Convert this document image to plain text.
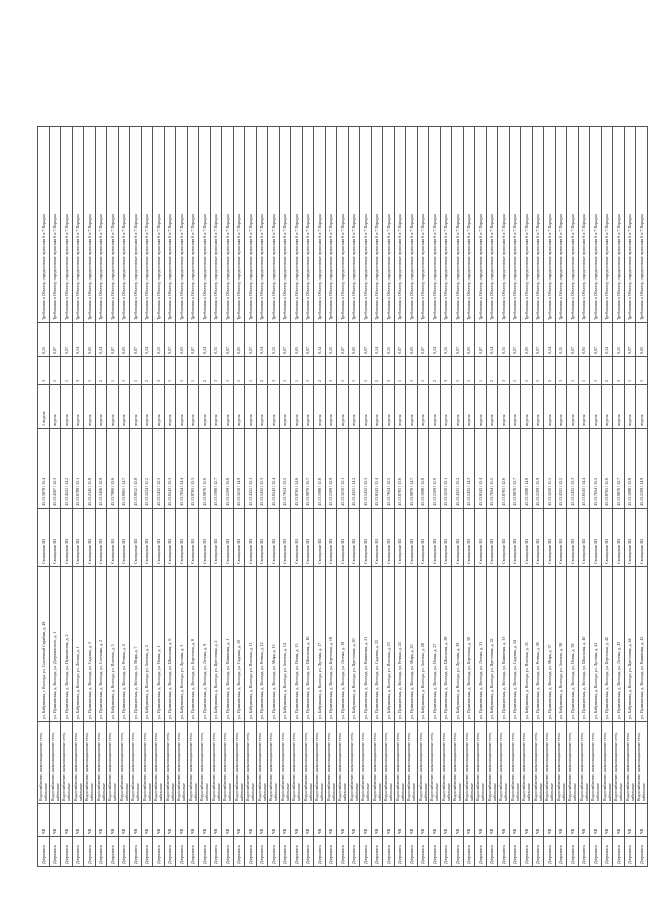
Дзержинск	ЧВ	Водоснабжение, канализационные сети, кабельные	ул. Бабушкина, г. Вологда, ул. Солнечный Сарабаш, д. 49	Свинцовые ВЗ	43.13.5678 / 13.4	1 неделя	3	0,15	Требования к Объекту, определенные пунктами 6 и 7 Порядка
Дзержинск	ЧВ	Водоснабжение, канализационные сети, кабельные	ул. Пушкинская, д. Вологда, ул. Дзержинского, д. 1	Свинцовые ВЗ	43.13.4567 / 12.3	неделя	1	0,07	Требования к Объекту, определенные пунктами 6 и 7 Порядка
Дзержинск	ЧВ	Водоснабжение, канализационные сети, кабельные	ул. Пушкинская, д. Вологда, ул. Пушкинская, д. 2	Свинцовые ВЗ	43.13.4521 / 14.2	неделя	1	0,07	Требования к Объекту, определенные пунктами 6 и 7 Порядка
Дзержинск	ЧВ	Водоснабжение, канализационные сети, кабельные	ул. Бабушкина, д. Вологда, ул. Лесная, д. 1	Свинцовые ВЗ	43.13.6789 / 15.1	неделя	3	0,14	Требования к Объекту, определенные пунктами 6 и 7 Порядка
Дзержинск	ЧВ	Водоснабжение, канализационные сети, кабельные	ул. Пушкинская, д. Вологда, ул. Садовая, д. 3	Свинцовые ВЗ	43.13.2345 / 11.8	неделя	1	0,05	Требования к Объекту, определенные пунктами 6 и 7 Порядка
Дзержинск	ЧВ	Водоснабжение, канализационные сети, кабельные	ул. Пушкинская, д. Вологда, ул. Сосновая, д. 2	Свинцовые ВЗ	43.13.3456 / 12.9	неделя	2	0,14	Требования к Объекту, определенные пунктами 6 и 7 Порядка
Дзержинск	ЧВ	Водоснабжение, канализационные сети, кабельные	ул. Бабушкина, д. Вологда, ул. Полевая, д. 5	Свинцовые ВЗ	43.13.7890 / 13.6	неделя	1	0,07	Требования к Объекту, определенные пунктами 6 и 7 Порядка
Дзержинск	ЧВ	Водоснабжение, канализационные сети, кабельные	ул. Пушкинская, д. Вологда, ул. Речная, д. 4	Свинцовые ВЗ	43.13.8901 / 14.7	неделя	1	0,05	Требования к Объекту, определенные пунктами 6 и 7 Порядка
Дзержинск	ЧВ	Водоснабжение, канализационные сети, кабельные	ул. Пушкинская, д. Вологда, ул. Мира, д. 7	Свинцовые ВЗ	43.13.9012 / 15.8	неделя	1	0,07	Требования к Объекту, определенные пунктами 6 и 7 Порядка
Дзержинск	ЧВ	Водоснабжение, канализационные сети, кабельные	ул. Бабушкина, д. Вологда, ул. Зеленая, д. 2	Свинцовые ВЗ	43.13.1234 / 11.2	неделя	2	0,14	Требования к Объекту, определенные пунктами 6 и 7 Порядка
Дзержинск	ЧВ	Водоснабжение, канализационные сети, кабельные	ул. Пушкинская, д. Вологда, ул. Новая, д. 1	Свинцовые ВЗ	43.13.5432 / 12.5	неделя	3	0,15	Требования к Объекту, определенные пунктами 6 и 7 Порядка
Дзержинск	ЧВ	Водоснабжение, канализационные сети, кабельные	ул. Пушкинская, д. Вологда, ул. Школьная, д. 6	Свинцовые ВЗ	43.13.6543 / 13.3	неделя	1	0,07	Требования к Объекту, определенные пунктами 6 и 7 Порядка
Дзержинск	ЧВ	Водоснабжение, канализационные сети, кабельные	ул. Бабушкина, д. Вологда, ул. Луговая, д. 3	Свинцовые ВЗ	43.13.7654 / 14.4	неделя	1	0,05	Требования к Объекту, определенные пунктами 6 и 7 Порядка
Дзержинск	ЧВ	Водоснабжение, канализационные сети, кабельные	ул. Пушкинская, д. Вологда, ул. Береговая, д. 8	Свинцовые ВЗ	43.13.8765 / 15.5	неделя	1	0,07	Требования к Объекту, определенные пунктами 6 и 7 Порядка
Дзержинск	ЧВ	Водоснабжение, канализационные сети, кабельные	ул. Пушкинская, д. Вологда, ул. Лесная, д. 9	Свинцовые ВЗ	43.13.9876 / 11.6	неделя	2	0,14	Требования к Объекту, определенные пунктами 6 и 7 Порядка
Дзержинск	ЧВ	Водоснабжение, канализационные сети, кабельные	ул. Бабушкина, д. Вологда, ул. Цветочная, д. 2	Свинцовые ВЗ	43.13.1098 / 12.7	неделя	3	0,15	Требования к Объекту, определенные пунктами 6 и 7 Порядка
Дзержинск	ЧВ	Водоснабжение, канализационные сети, кабельные	ул. Пушкинская, д. Вологда, ул. Вишневая, д. 1	Свинцовые ВЗ	43.13.2109 / 13.8	неделя	1	0,07	Требования к Объекту, определенные пунктами 6 и 7 Порядка
Дзержинск	ЧВ	Водоснабжение, канализационные сети, кабельные	ул. Пушкинская, д. Вологда, ул. Садовая, д. 10	Свинцовые ВЗ	43.13.3210 / 14.9	неделя	1	0,05	Требования к Объекту, определенные пунктами 6 и 7 Порядка
Дзержинск	ЧВ	Водоснабжение, канализационные сети, кабельные	ул. Бабушкина, д. Вологда, ул. Полевая, д. 11	Свинцовые ВЗ	43.13.4321 / 15.1	неделя	1	0,07	Требования к Объекту, определенные пунктами 6 и 7 Порядка
Дзержинск	ЧВ	Водоснабжение, канализационные сети, кабельные	ул. Пушкинская, д. Вологда, ул. Речная, д. 12	Свинцовые ВЗ	43.13.5432 / 11.3	неделя	2	0,14	Требования к Объекту, определенные пунктами 6 и 7 Порядка
Дзержинск	ЧВ	Водоснабжение, канализационные сети, кабельные	ул. Пушкинская, д. Вологда, ул. Мира, д. 13	Свинцовые ВЗ	43.13.6543 / 12.4	неделя	3	0,15	Требования к Объекту, определенные пунктами 6 и 7 Порядка
Дзержинск	ЧВ	Водоснабжение, канализационные сети, кабельные	ул. Бабушкина, д. Вологда, ул. Зеленая, д. 14	Свинцовые ВЗ	43.13.7654 / 13.5	неделя	1	0,07	Требования к Объекту, определенные пунктами 6 и 7 Порядка
Дзержинск	ЧВ	Водоснабжение, канализационные сети, кабельные	ул. Пушкинская, д. Вологда, ул. Новая, д. 15	Свинцовые ВЗ	43.13.8765 / 14.6	неделя	1	0,05	Требования к Объекту, определенные пунктами 6 и 7 Порядка
Дзержинск	ЧВ	Водоснабжение, канализационные сети, кабельные	ул. Пушкинская, д. Вологда, ул. Школьная, д. 16	Свинцовые ВЗ	43.13.9876 / 15.7	неделя	1	0,07	Требования к Объекту, определенные пунктами 6 и 7 Порядка
Дзержинск	ЧВ	Водоснабжение, канализационные сети, кабельные	ул. Бабушкина, д. Вологда, ул. Луговая, д. 17	Свинцовые ВЗ	43.13.1098 / 11.8	неделя	2	0,14	Требования к Объекту, определенные пунктами 6 и 7 Порядка
Дзержинск	ЧВ	Водоснабжение, канализационные сети, кабельные	ул. Пушкинская, д. Вологда, ул. Береговая, д. 18	Свинцовые ВЗ	43.13.2109 / 12.9	неделя	3	0,15	Требования к Объекту, определенные пунктами 6 и 7 Порядка
Дзержинск	ЧВ	Водоснабжение, канализационные сети, кабельные	ул. Пушкинская, д. Вологда, ул. Лесная, д. 19	Свинцовые ВЗ	43.13.3210 / 13.1	неделя	1	0,07	Требования к Объекту, определенные пунктами 6 и 7 Порядка
Дзержинск	ЧВ	Водоснабжение, канализационные сети, кабельные	ул. Бабушкина, д. Вологда, ул. Цветочная, д. 20	Свинцовые ВЗ	43.13.4321 / 14.2	неделя	1	0,05	Требования к Объекту, определенные пунктами 6 и 7 Порядка
Дзержинск	ЧВ	Водоснабжение, канализационные сети, кабельные	ул. Пушкинская, д. Вологда, ул. Вишневая, д. 21	Свинцовые ВЗ	43.13.5432 / 15.3	неделя	1	0,07	Требования к Объекту, определенные пунктами 6 и 7 Порядка
Дзержинск	ЧВ	Водоснабжение, канализационные сети, кабельные	ул. Пушкинская, д. Вологда, ул. Садовая, д. 22	Свинцовые ВЗ	43.13.6543 / 11.4	неделя	2	0,14	Требования к Объекту, определенные пунктами 6 и 7 Порядка
Дзержинск	ЧВ	Водоснабжение, канализационные сети, кабельные	ул. Бабушкина, д. Вологда, ул. Полевая, д. 23	Свинцовые ВЗ	43.13.7654 / 12.5	неделя	3	0,15	Требования к Объекту, определенные пунктами 6 и 7 Порядка
Дзержинск	ЧВ	Водоснабжение, канализационные сети, кабельные	ул. Пушкинская, д. Вологда, ул. Речная, д. 24	Свинцовые ВЗ	43.13.8765 / 13.6	неделя	1	0,07	Требования к Объекту, определенные пунктами 6 и 7 Порядка
Дзержинск	ЧВ	Водоснабжение, канализационные сети, кабельные	ул. Пушкинская, д. Вологда, ул. Мира, д. 25	Свинцовые ВЗ	43.13.9876 / 14.7	неделя	1	0,05	Требования к Объекту, определенные пунктами 6 и 7 Порядка
Дзержинск	ЧВ	Водоснабжение, канализационные сети, кабельные	ул. Бабушкина, д. Вологда, ул. Зеленая, д. 26	Свинцовые ВЗ	43.13.1098 / 15.8	неделя	1	0,07	Требования к Объекту, определенные пунктами 6 и 7 Порядка
Дзержинск	ЧВ	Водоснабжение, канализационные сети, кабельные	ул. Пушкинская, д. Вологда, ул. Новая, д. 27	Свинцовые ВЗ	43.13.2109 / 11.9	неделя	2	0,14	Требования к Объекту, определенные пунктами 6 и 7 Порядка
Дзержинск	ЧВ	Водоснабжение, канализационные сети, кабельные	ул. Пушкинская, д. Вологда, ул. Школьная, д. 28	Свинцовые ВЗ	43.13.3210 / 12.1	неделя	3	0,15	Требования к Объекту, определенные пунктами 6 и 7 Порядка
Дзержинск	ЧВ	Водоснабжение, канализационные сети, кабельные	ул. Бабушкина, д. Вологда, ул. Луговая, д. 29	Свинцовые ВЗ	43.13.4321 / 13.2	неделя	1	0,07	Требования к Объекту, определенные пунктами 6 и 7 Порядка
Дзержинск	ЧВ	Водоснабжение, канализационные сети, кабельные	ул. Пушкинская, д. Вологда, ул. Береговая, д. 30	Свинцовые ВЗ	43.13.5432 / 14.3	неделя	1	0,05	Требования к Объекту, определенные пунктами 6 и 7 Порядка
Дзержинск	ЧВ	Водоснабжение, канализационные сети, кабельные	ул. Пушкинская, д. Вологда, ул. Лесная, д. 31	Свинцовые ВЗ	43.13.6543 / 15.4	неделя	1	0,07	Требования к Объекту, определенные пунктами 6 и 7 Порядка
Дзержинск	ЧВ	Водоснабжение, канализационные сети, кабельные	ул. Бабушкина, д. Вологда, ул. Цветочная, д. 32	Свинцовые ВЗ	43.13.7654 / 11.5	неделя	2	0,14	Требования к Объекту, определенные пунктами 6 и 7 Порядка
Дзержинск	ЧВ	Водоснабжение, канализационные сети, кабельные	ул. Пушкинская, д. Вологда, ул. Вишневая, д. 33	Свинцовые ВЗ	43.13.8765 / 12.6	неделя	3	0,15	Требования к Объекту, определенные пунктами 6 и 7 Порядка
Дзержинск	ЧВ	Водоснабжение, канализационные сети, кабельные	ул. Пушкинская, д. Вологда, ул. Садовая, д. 34	Свинцовые ВЗ	43.13.9876 / 13.7	неделя	1	0,07	Требования к Объекту, определенные пунктами 6 и 7 Порядка
Дзержинск	ЧВ	Водоснабжение, канализационные сети, кабельные	ул. Бабушкина, д. Вологда, ул. Полевая, д. 35	Свинцовые ВЗ	43.13.1098 / 14.8	неделя	1	0,05	Требования к Объекту, определенные пунктами 6 и 7 Порядка
Дзержинск	ЧВ	Водоснабжение, канализационные сети, кабельные	ул. Пушкинская, д. Вологда, ул. Речная, д. 36	Свинцовые ВЗ	43.13.2109 / 15.9	неделя	1	0,07	Требования к Объекту, определенные пунктами 6 и 7 Порядка
Дзержинск	ЧВ	Водоснабжение, канализационные сети, кабельные	ул. Пушкинская, д. Вологда, ул. Мира, д. 37	Свинцовые ВЗ	43.13.3210 / 11.1	неделя	2	0,14	Требования к Объекту, определенные пунктами 6 и 7 Порядка
Дзержинск	ЧВ	Водоснабжение, канализационные сети, кабельные	ул. Бабушкина, д. Вологда, ул. Зеленая, д. 38	Свинцовые ВЗ	43.13.4321 / 12.2	неделя	3	0,15	Требования к Объекту, определенные пунктами 6 и 7 Порядка
Дзержинск	ЧВ	Водоснабжение, канализационные сети, кабельные	ул. Пушкинская, д. Вологда, ул. Новая, д. 39	Свинцовые ВЗ	43.13.5432 / 13.3	неделя	1	0,07	Требования к Объекту, определенные пунктами 6 и 7 Порядка
Дзержинск	ЧВ	Водоснабжение, канализационные сети, кабельные	ул. Пушкинская, д. Вологда, ул. Школьная, д. 40	Свинцовые ВЗ	43.13.6543 / 14.4	неделя	1	0,05	Требования к Объекту, определенные пунктами 6 и 7 Порядка
Дзержинск	ЧВ	Водоснабжение, канализационные сети, кабельные	ул. Бабушкина, д. Вологда, ул. Луговая, д. 41	Свинцовые ВЗ	43.13.7654 / 15.5	неделя	1	0,07	Требования к Объекту, определенные пунктами 6 и 7 Порядка
Дзержинск	ЧВ	Водоснабжение, канализационные сети, кабельные	ул. Пушкинская, д. Вологда, ул. Береговая, д. 42	Свинцовые ВЗ	43.13.8765 / 11.6	неделя	2	0,14	Требования к Объекту, определенные пунктами 6 и 7 Порядка
Дзержинск	ЧВ	Водоснабжение, канализационные сети, кабельные	ул. Пушкинская, д. Вологда, ул. Лесная, д. 43	Свинцовые ВЗ	43.13.9876 / 12.7	неделя	3	0,15	Требования к Объекту, определенные пунктами 6 и 7 Порядка
Дзержинск	ЧВ	Водоснабжение, канализационные сети, кабельные	ул. Бабушкина, д. Вологда, ул. Цветочная, д. 44	Свинцовые ВЗ	43.13.1098 / 13.8	неделя	1	0,07	Требования к Объекту, определенные пунктами 6 и 7 Порядка
Дзержинск	ЧВ	Водоснабжение, канализационные сети, кабельные	ул. Пушкинская, д. Вологда, ул. Вишневая, д. 45	Свинцовые ВЗ	43.13.2109 / 14.9	неделя	1	0,05	Требования к Объекту, определенные пунктами 6 и 7 Порядка
